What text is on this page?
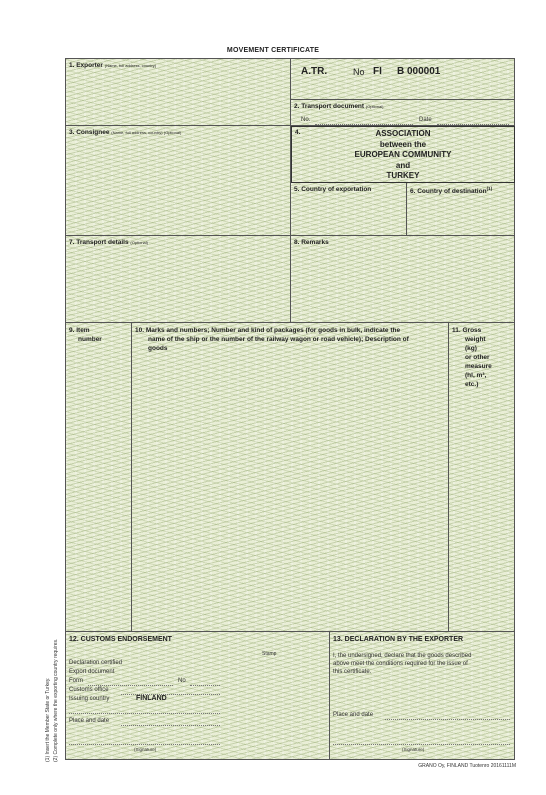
MOVEMENT CERTIFICATE
(1) Insert the Member State or Turkey. (2) Complete only where the exporting country requires.
1. Exporter (Name, full address, country)
A.TR.	No FI B 000001
2. Transport document (Optional)
No.	Date
3. Consignee (Name, full address, country) (Optional)	4.	ASSOCIATION
between the
EUROPEAN COMMUNITY
and
TURKEY
5. Country of exportation	6. Country of destination$^{(1)}$
7. Transport details (Optional)	8. Remarks
9. Item
number
10. Marks and numbers; Number and kind of packages (for goods in bulk, indicate the
name of the ship or the number of the railway wagon or road vehicle); Description of
goods
11. Gross
weight
(kg)
or other
measure
(hl, m³,
etc.)
12. CUSTOMS ENDORSEMENT
Declaration certified
Export document
Form	No
Customs office
Issuing country	FINLAND
Place and date
(Signature)
Stamp
13. DECLARATION BY THE EXPORTER
I, the undersigned, declare that the goods described
above meet the conditions required for the issue of
this certificate.
Place and date
(Signature)
GRANO Oy, FINLAND Tuotenro 20161111M
